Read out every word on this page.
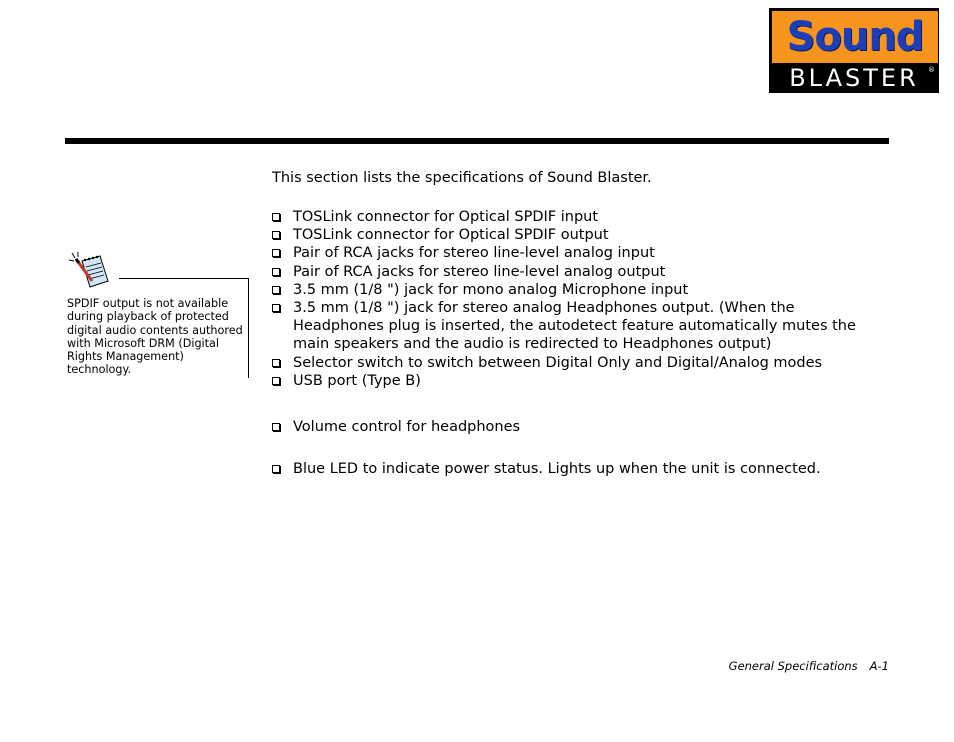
Sound
BLASTER	®
This section lists the specifications of Sound Blaster.
TOSLink connector for Optical SPDIF input
TOSLink connector for Optical SPDIF output
Pair of RCA jacks for stereo line-level analog input
Pair of RCA jacks for stereo line-level analog output
3.5 mm (1/8 ") jack for mono analog Microphone input
3.5 mm (1/8 ") jack for stereo analog Headphones output. (When the Headphones plug is inserted, the autodetect feature automatically mutes the main speakers and the audio is redirected to Headphones output)
Selector switch to switch between Digital Only and Digital/Analog modes
USB port (Type B)
Volume control for headphones
Blue LED to indicate power status. Lights up when the unit is connected.
SPDIF output is not available during playback of protected digital audio contents authored with Microsoft DRM (Digital Rights Management) technology.
General Specifications A-1
